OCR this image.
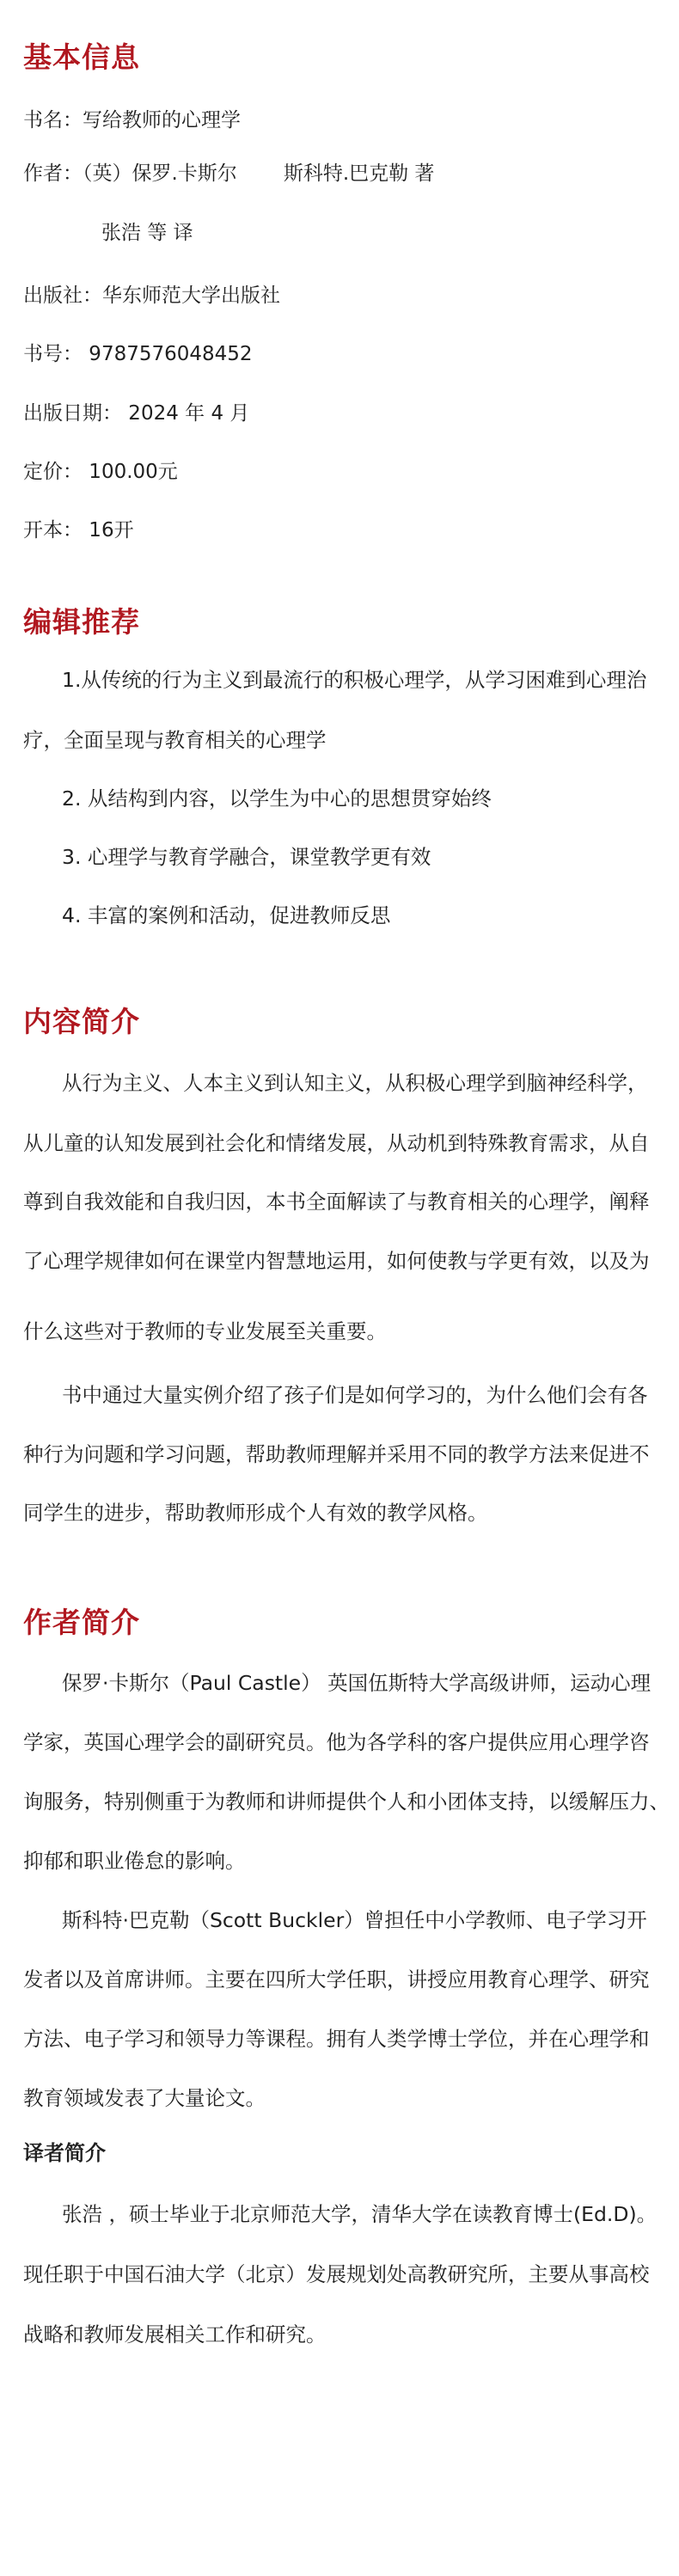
基本信息
书名：写给教师的心理学
作者：（英）保罗.卡斯尔 斯科特.巴克勒 著
张浩 等 译
出版社：华东师范大学出版社
书号： 9787576048452
出版日期： 2024 年 4 月
定价： 100.00元
开本： 16开
编辑推荐
1.从传统的行为主义到最流行的积极心理学，从学习困难到心理治
疗，全面呈现与教育相关的心理学
2. 从结构到内容，以学生为中心的思想贯穿始终
3. 心理学与教育学融合，课堂教学更有效
4. 丰富的案例和活动，促进教师反思
内容简介
从行为主义、人本主义到认知主义，从积极心理学到脑神经科学，
从儿童的认知发展到社会化和情绪发展，从动机到特殊教育需求，从自
尊到自我效能和自我归因，本书全面解读了与教育相关的心理学，阐释
了心理学规律如何在课堂内智慧地运用，如何使教与学更有效，以及为
什么这些对于教师的专业发展至关重要。
书中通过大量实例介绍了孩子们是如何学习的，为什么他们会有各
种行为问题和学习问题，帮助教师理解并采用不同的教学方法来促进不
同学生的进步，帮助教师形成个人有效的教学风格。
作者简介
保罗·卡斯尔（Paul Castle） 英国伍斯特大学高级讲师，运动心理
学家，英国心理学会的副研究员。他为各学科的客户提供应用心理学咨
询服务，特别侧重于为教师和讲师提供个人和小团体支持，以缓解压力、
抑郁和职业倦怠的影响。
斯科特·巴克勒（Scott Buckler）曾担任中小学教师、电子学习开
发者以及首席讲师。主要在四所大学任职，讲授应用教育心理学、研究
方法、电子学习和领导力等课程。拥有人类学博士学位，并在心理学和
教育领域发表了大量论文。
译者简介
张浩 ，硕士毕业于北京师范大学，清华大学在读教育博士(Ed.D)。
现任职于中国石油大学（北京）发展规划处高教研究所，主要从事高校
战略和教师发展相关工作和研究。
